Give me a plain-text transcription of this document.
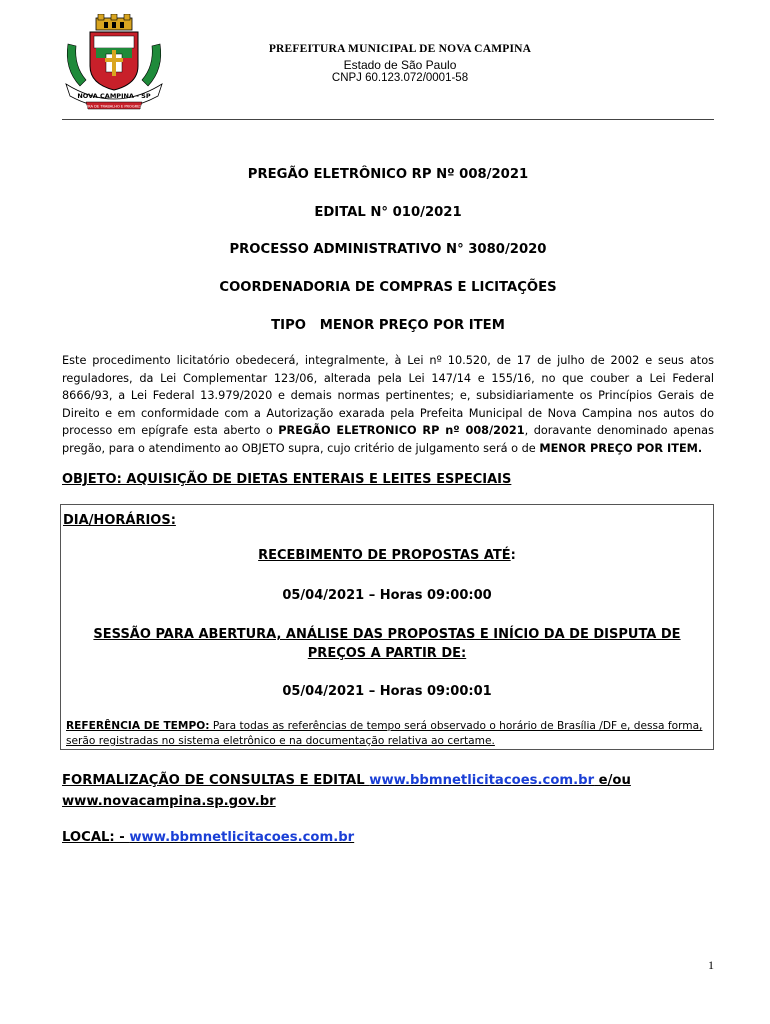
NOVA CAMPINA - SP
TERRA DE TRABALHO E PROGRESSO
PREFEITURA MUNICIPAL DE NOVA CAMPINA
Estado de São Paulo
CNPJ 60.123.072/0001-58
PREGÃO ELETRÔNICO RP Nº 008/2021
EDITAL N° 010/2021
PROCESSO ADMINISTRATIVO N° 3080/2020
COORDENADORIA DE COMPRAS E LICITAÇÕES
TIPO   MENOR PREÇO POR ITEM

Este procedimento licitatório obedecerá, integralmente, à Lei nº 10.520, de 17 de julho de 2002 e seus atos reguladores, da Lei Complementar 123/06, alterada pela Lei 147/14 e 155/16, no que couber a Lei Federal 8666/93, a Lei Federal 13.979/2020 e demais normas pertinentes; e, subsidiariamente os Princípios Gerais de Direito e em conformidade com a Autorização exarada pela Prefeita Municipal de Nova Campina nos autos do processo em epígrafe esta aberto o PREGÃO ELETRONICO RP nº 008/2021, doravante denominado apenas pregão, para o atendimento ao OBJETO supra, cujo critério de julgamento será o de MENOR PREÇO POR ITEM.

OBJETO: AQUISIÇÃO DE DIETAS ENTERAIS E LEITES ESPECIAIS
DIA/HORÁRIOS:
RECEBIMENTO DE PROPOSTAS ATÉ:
05/04/2021 – Horas 09:00:00
SESSÃO PARA ABERTURA, ANÁLISE DAS PROPOSTAS E INÍCIO DA DE DISPUTA DE
PREÇOS A PARTIR DE:
05/04/2021 – Horas 09:00:01

REFERÊNCIA DE TEMPO: Para todas as referências de tempo será observado o horário de Brasília /DF e, dessa forma, serão registradas no sistema eletrônico e na documentação relativa ao certame.

FORMALIZAÇÃO DE CONSULTAS E EDITAL www.bbmnetlicitacoes.com.br e/ou
www.novacampina.sp.gov.br

LOCAL: - www.bbmnetlicitacoes.com.br

1
